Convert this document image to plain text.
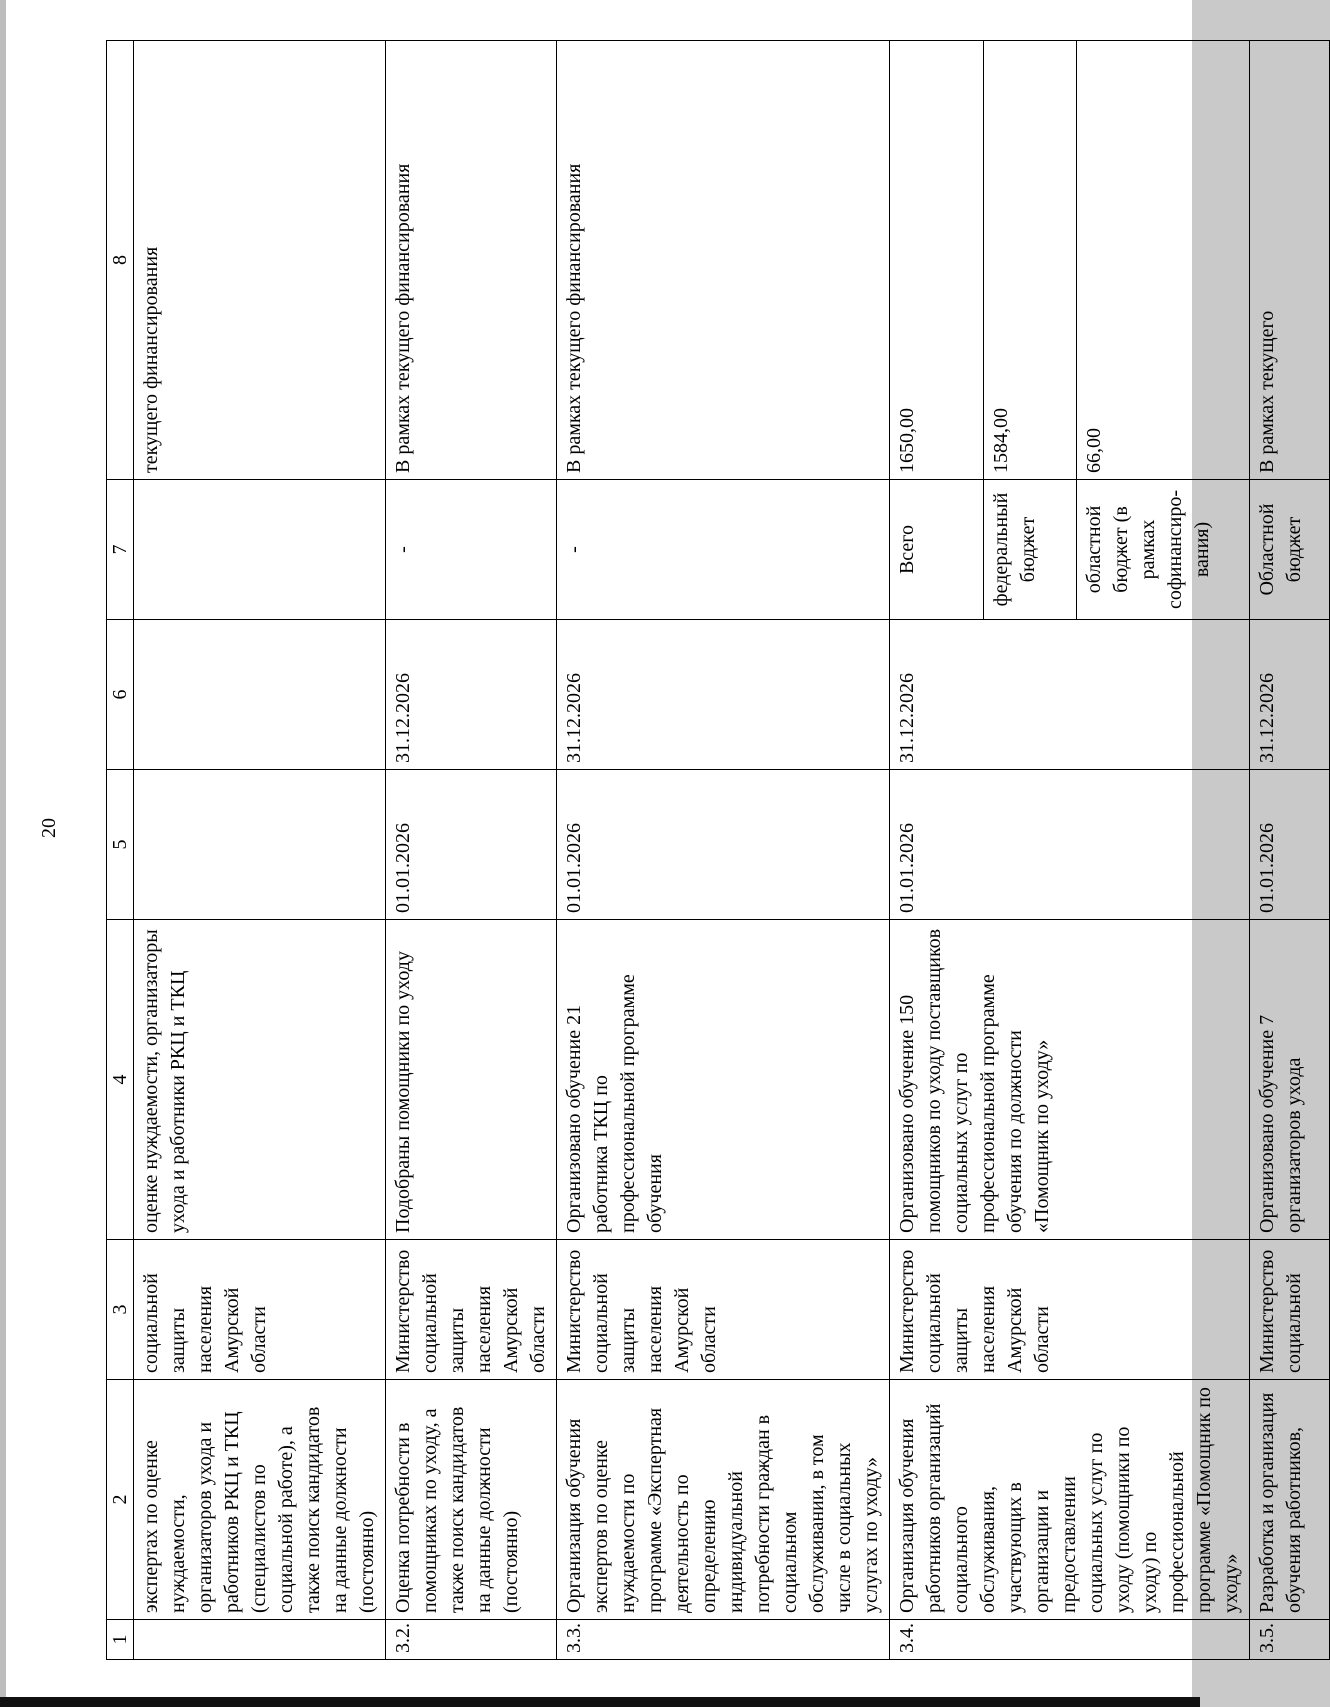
20
1	2	3	4	5	6	7	8
	экспертах по оценке нуждаемости, организаторов ухода и работников РКЦ и ТКЦ (специалистов по социальной работе), а также поиск кандидатов на данные должности (постоянно)	социальной защиты населения Амурской области	оценке нуждаемости, организаторы ухода и работники РКЦ и ТКЦ				текущего финансирования
3.2.	Оценка потребности в помощниках по уходу, а также поиск кандидатов на данные должности (постоянно)	Министерство социальной защиты населения Амурской области	Подобраны помощники по уходу	01.01.2026	31.12.2026	-	В рамках текущего финансирования
3.3.	Организация обучения экспертов по оценке нуждаемости по программе «Экспертная деятельность по определению индивидуальной потребности граждан в социальном обслуживании, в том числе в социальных услугах по уходу»	Министерство социальной защиты населения Амурской области	Организовано обучение 21 работника ТКЦ по профессиональной программе обучения	01.01.2026	31.12.2026	-	В рамках текущего финансирования
3.4.	Организация обучения работников организаций социального обслуживания, участвующих в организации и предоставлении социальных услуг по уходу (помощники по уходу) по профессиональной программе «Помощник по уходу»	Министерство социальной защиты населения Амурской области	Организовано обучение 150 помощников по уходу поставщиков социальных услуг по профессиональной программе обучения по должности «Помощник по уходу»	01.01.2026	31.12.2026	Всего	1650,00
						федеральный бюджет	1584,00
						областной бюджет (в рамках софинансиро-вания)	66,00
3.5.	Разработка и организация обучения работников,	Министерство социальной	Организовано обучение 7 организаторов ухода	01.01.2026	31.12.2026	Областной бюджет	В рамках текущего
